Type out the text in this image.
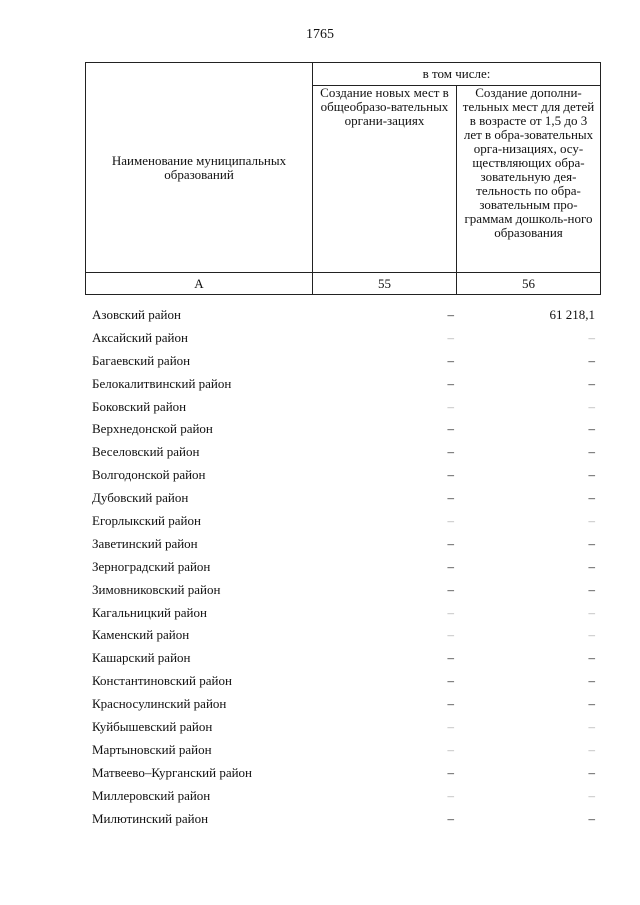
1765
Наименование муниципальных образований	в том числе:	
	Создание новых мест в общеобразо-вательных органи-зациях	Создание дополни-тельных мест для детей в возрасте от 1,5 до 3 лет в обра-зовательных орга-низациях, осу-ществляющих обра-зовательную дея-тельность по обра-зовательным про-граммам дошколь-ного образования
А	55	56
Азовский район	–	61 218,1
Аксайский район	–	–
Багаевский район	–	–
Белокалитвинский район	–	–
Боковский район	–	–
Верхнедонской район	–	–
Веселовский район	–	–
Волгодонской район	–	–
Дубовский район	–	–
Егорлыкский район	–	–
Заветинский район	–	–
Зерноградский район	–	–
Зимовниковский район	–	–
Кагальницкий район	–	–
Каменский район	–	–
Кашарский район	–	–
Константиновский район	–	–
Красносулинский район	–	–
Куйбышевский район	–	–
Мартыновский район	–	–
Матвеево–Курганский район	–	–
Миллеровский район	–	–
Милютинский район	–	–
